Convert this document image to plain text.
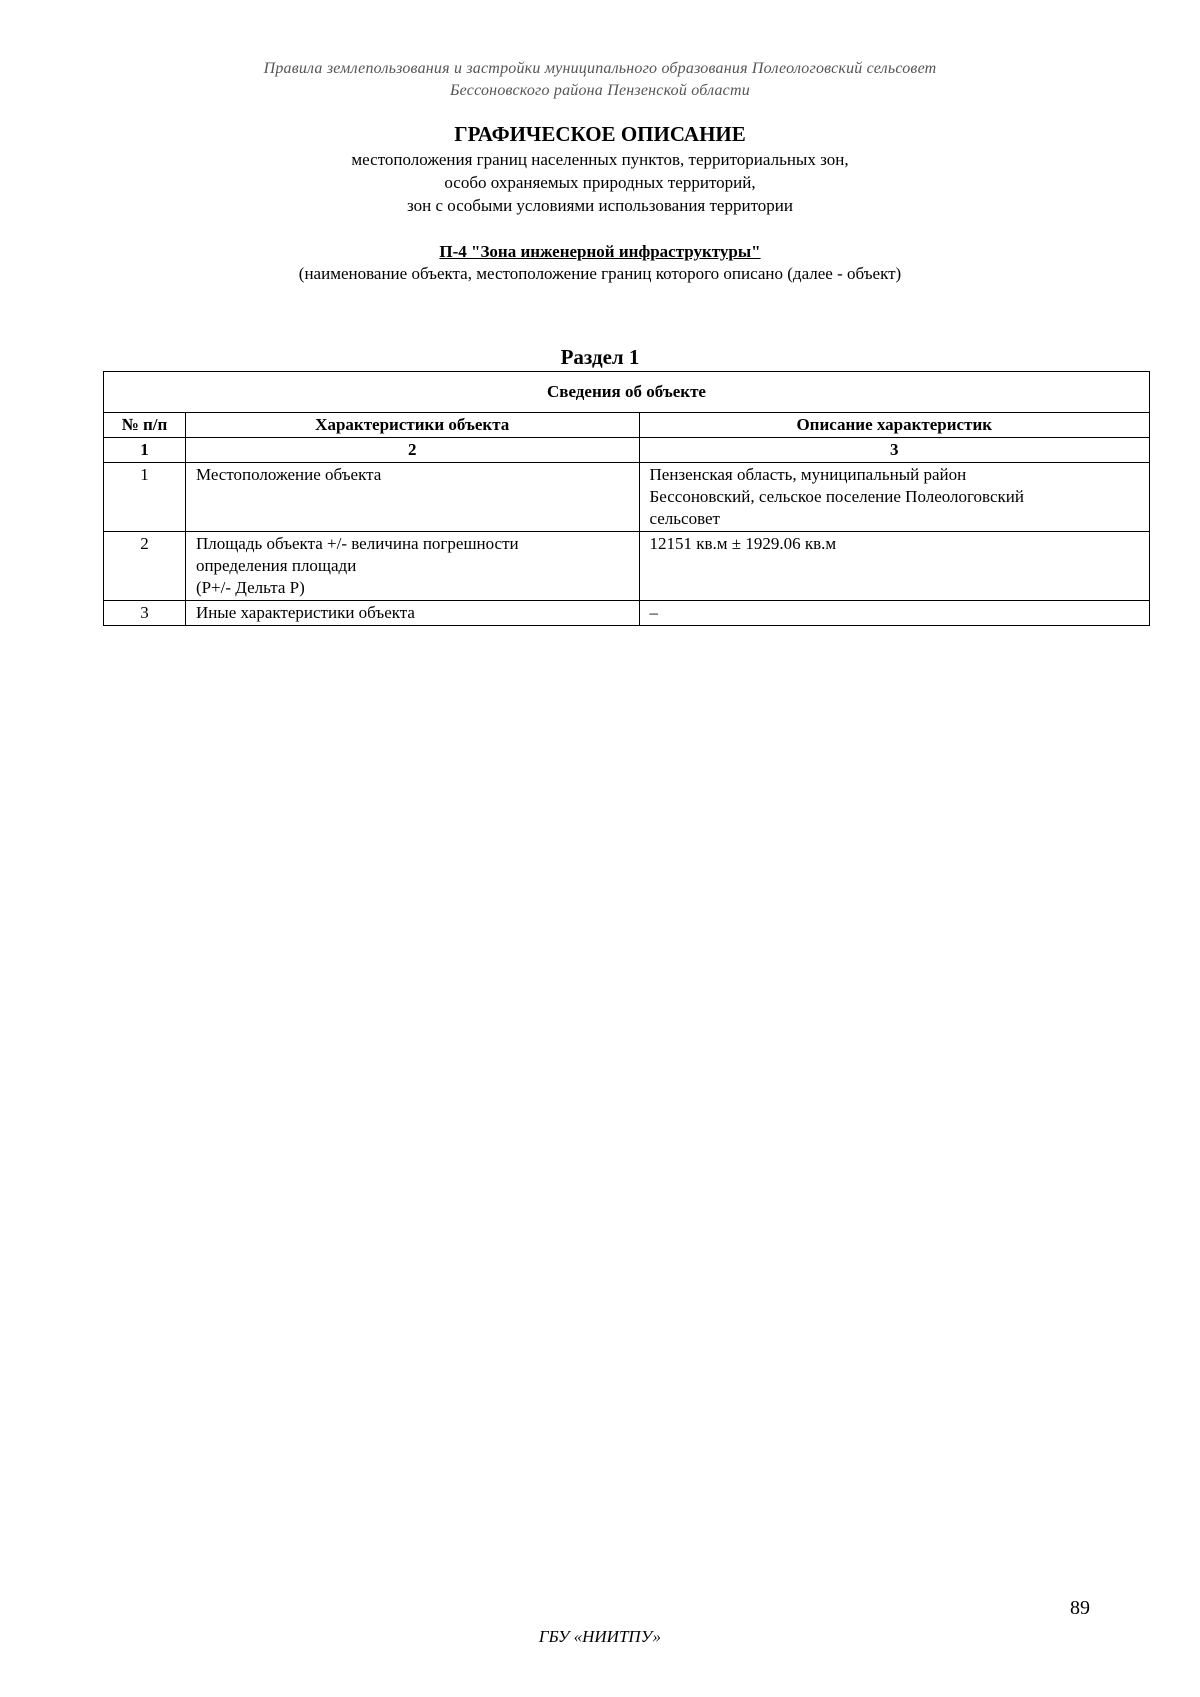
Правила землепользования и застройки муниципального образования Полеологовский сельсовет
Бессоновского района Пензенской области
ГРАФИЧЕСКОЕ ОПИСАНИЕ
местоположения границ населенных пунктов, территориальных зон,
особо охраняемых природных территорий,
зон с особыми условиями использования территории
П-4 "Зона инженерной инфраструктуры"
(наименование объекта, местоположение границ которого описано (далее - объект)
Раздел 1
Сведения об объекте		
№ п/п	Характеристики объекта	Описание характеристик
1	2	3
1	Местоположение объекта	Пензенская область, муниципальный район
Бессоновский, сельское поселение Полеологовский
сельсовет

2	Площадь объекта +/- величина погрешности
определения площади
(P+/- Дельта P)	12151 кв.м ± 1929.06 кв.м

3	Иные характеристики объекта	–
89
ГБУ «НИИТПУ»
